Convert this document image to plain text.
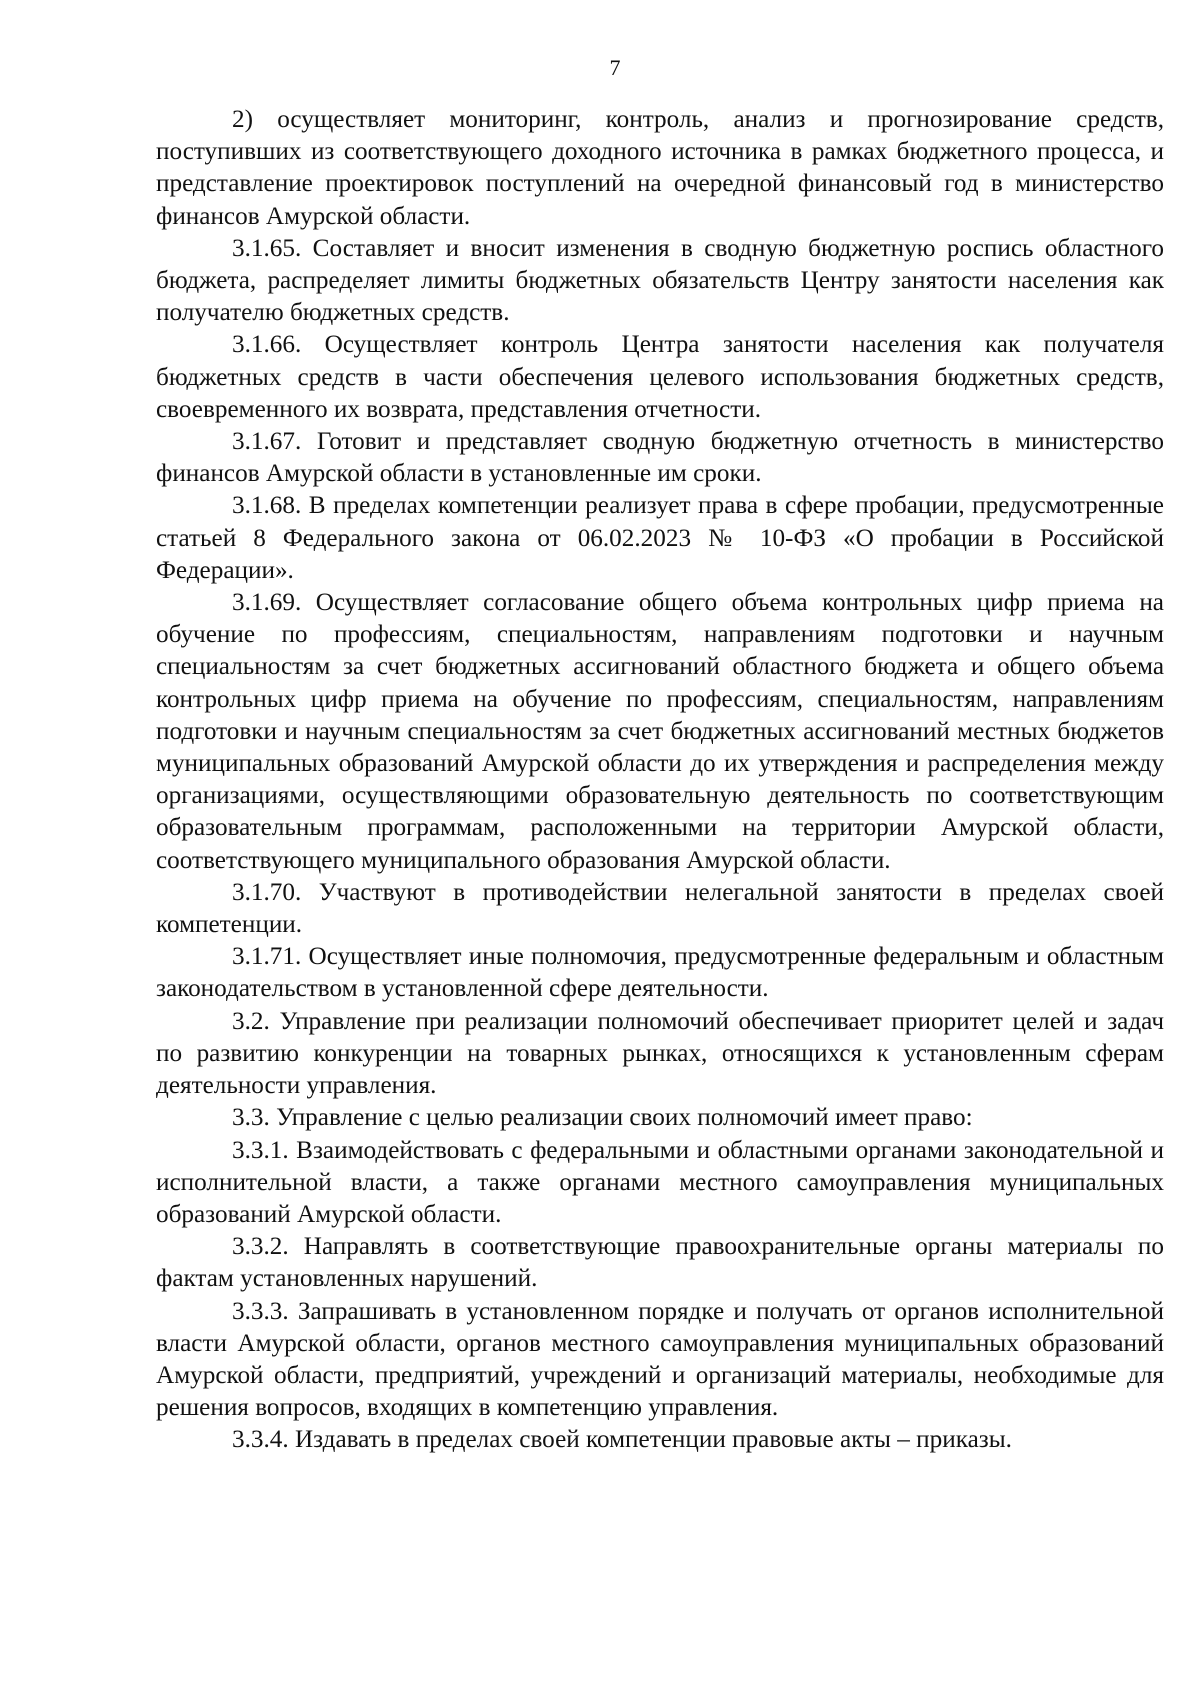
7

2) осуществляет мониторинг, контроль, анализ и прогнозирование средств, поступивших из соответствующего доходного источника в рамках бюджетного процесса, и представление проектировок поступлений на очередной финансовый год в министерство финансов Амурской области.

3.1.65. Составляет и вносит изменения в сводную бюджетную роспись областного бюджета, распределяет лимиты бюджетных обязательств Центру занятости населения как получателю бюджетных средств.

3.1.66. Осуществляет контроль Центра занятости населения как получателя бюджетных средств в части обеспечения целевого использования бюджетных средств, своевременного их возврата, представления отчетности.

3.1.67. Готовит и представляет сводную бюджетную отчетность в министерство финансов Амурской области в установленные им сроки.

3.1.68. В пределах компетенции реализует права в сфере пробации, предусмотренные статьей 8 Федерального закона от 06.02.2023 № 10-ФЗ «О пробации в Российской Федерации».

3.1.69. Осуществляет согласование общего объема контрольных цифр приема на обучение по профессиям, специальностям, направлениям подготовки и научным специальностям за счет бюджетных ассигнований областного бюджета и общего объема контрольных цифр приема на обучение по профессиям, специальностям, направлениям подготовки и научным специальностям за счет бюджетных ассигнований местных бюджетов муниципальных образований Амурской области до их утверждения и распределения между организациями, осуществляющими образовательную деятельность по соответствующим образовательным программам, расположенными на территории Амурской области, соответствующего муниципального образования Амурской области.

3.1.70. Участвуют в противодействии нелегальной занятости в пределах своей компетенции.

3.1.71. Осуществляет иные полномочия, предусмотренные федеральным и областным законодательством в установленной сфере деятельности.

3.2. Управление при реализации полномочий обеспечивает приоритет целей и задач по развитию конкуренции на товарных рынках, относящихся к установленным сферам деятельности управления.

3.3. Управление с целью реализации своих полномочий имеет право:

3.3.1. Взаимодействовать с федеральными и областными органами законодательной и исполнительной власти, а также органами местного самоуправления муниципальных образований Амурской области.

3.3.2. Направлять в соответствующие правоохранительные органы материалы по фактам установленных нарушений.

3.3.3. Запрашивать в установленном порядке и получать от органов исполнительной власти Амурской области, органов местного самоуправления муниципальных образований Амурской области, предприятий, учреждений и организаций материалы, необходимые для решения вопросов, входящих в компетенцию управления.

3.3.4. Издавать в пределах своей компетенции правовые акты – приказы.
